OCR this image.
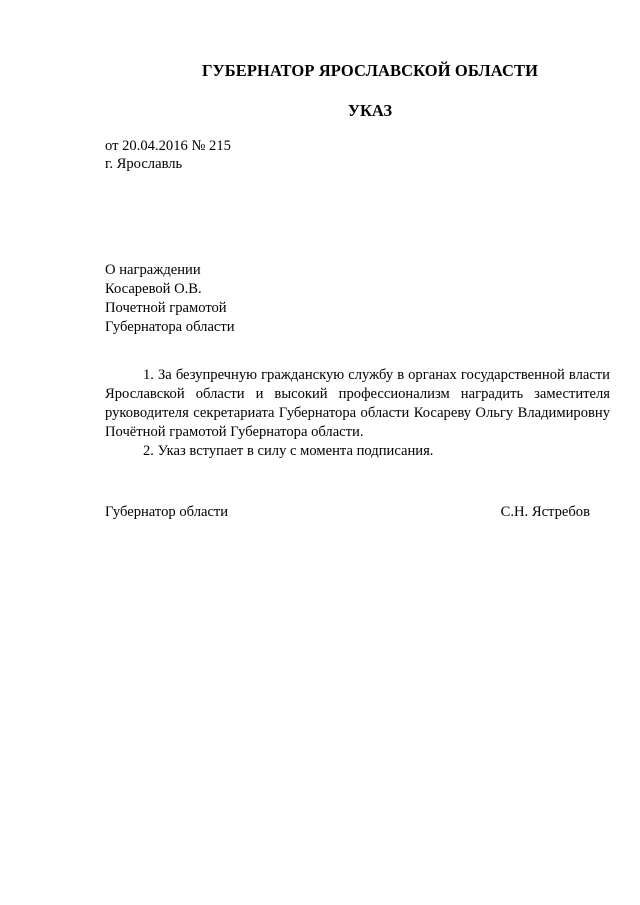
ГУБЕРНАТОР ЯРОСЛАВСКОЙ ОБЛАСТИ
УКАЗ
от 20.04.2016 № 215
г. Ярославль
О награждении
Косаревой О.В.
Почетной грамотой
Губернатора области

1. За безупречную гражданскую службу в органах государственной власти Ярославской области и высокий профессионализм наградить заместителя руководителя секретариата Губернатора области Косареву Ольгу Владимировну Почётной грамотой Губернатора области.

2. Указ вступает в силу с момента подписания.

Губернатор области	С.Н. Ястребов
